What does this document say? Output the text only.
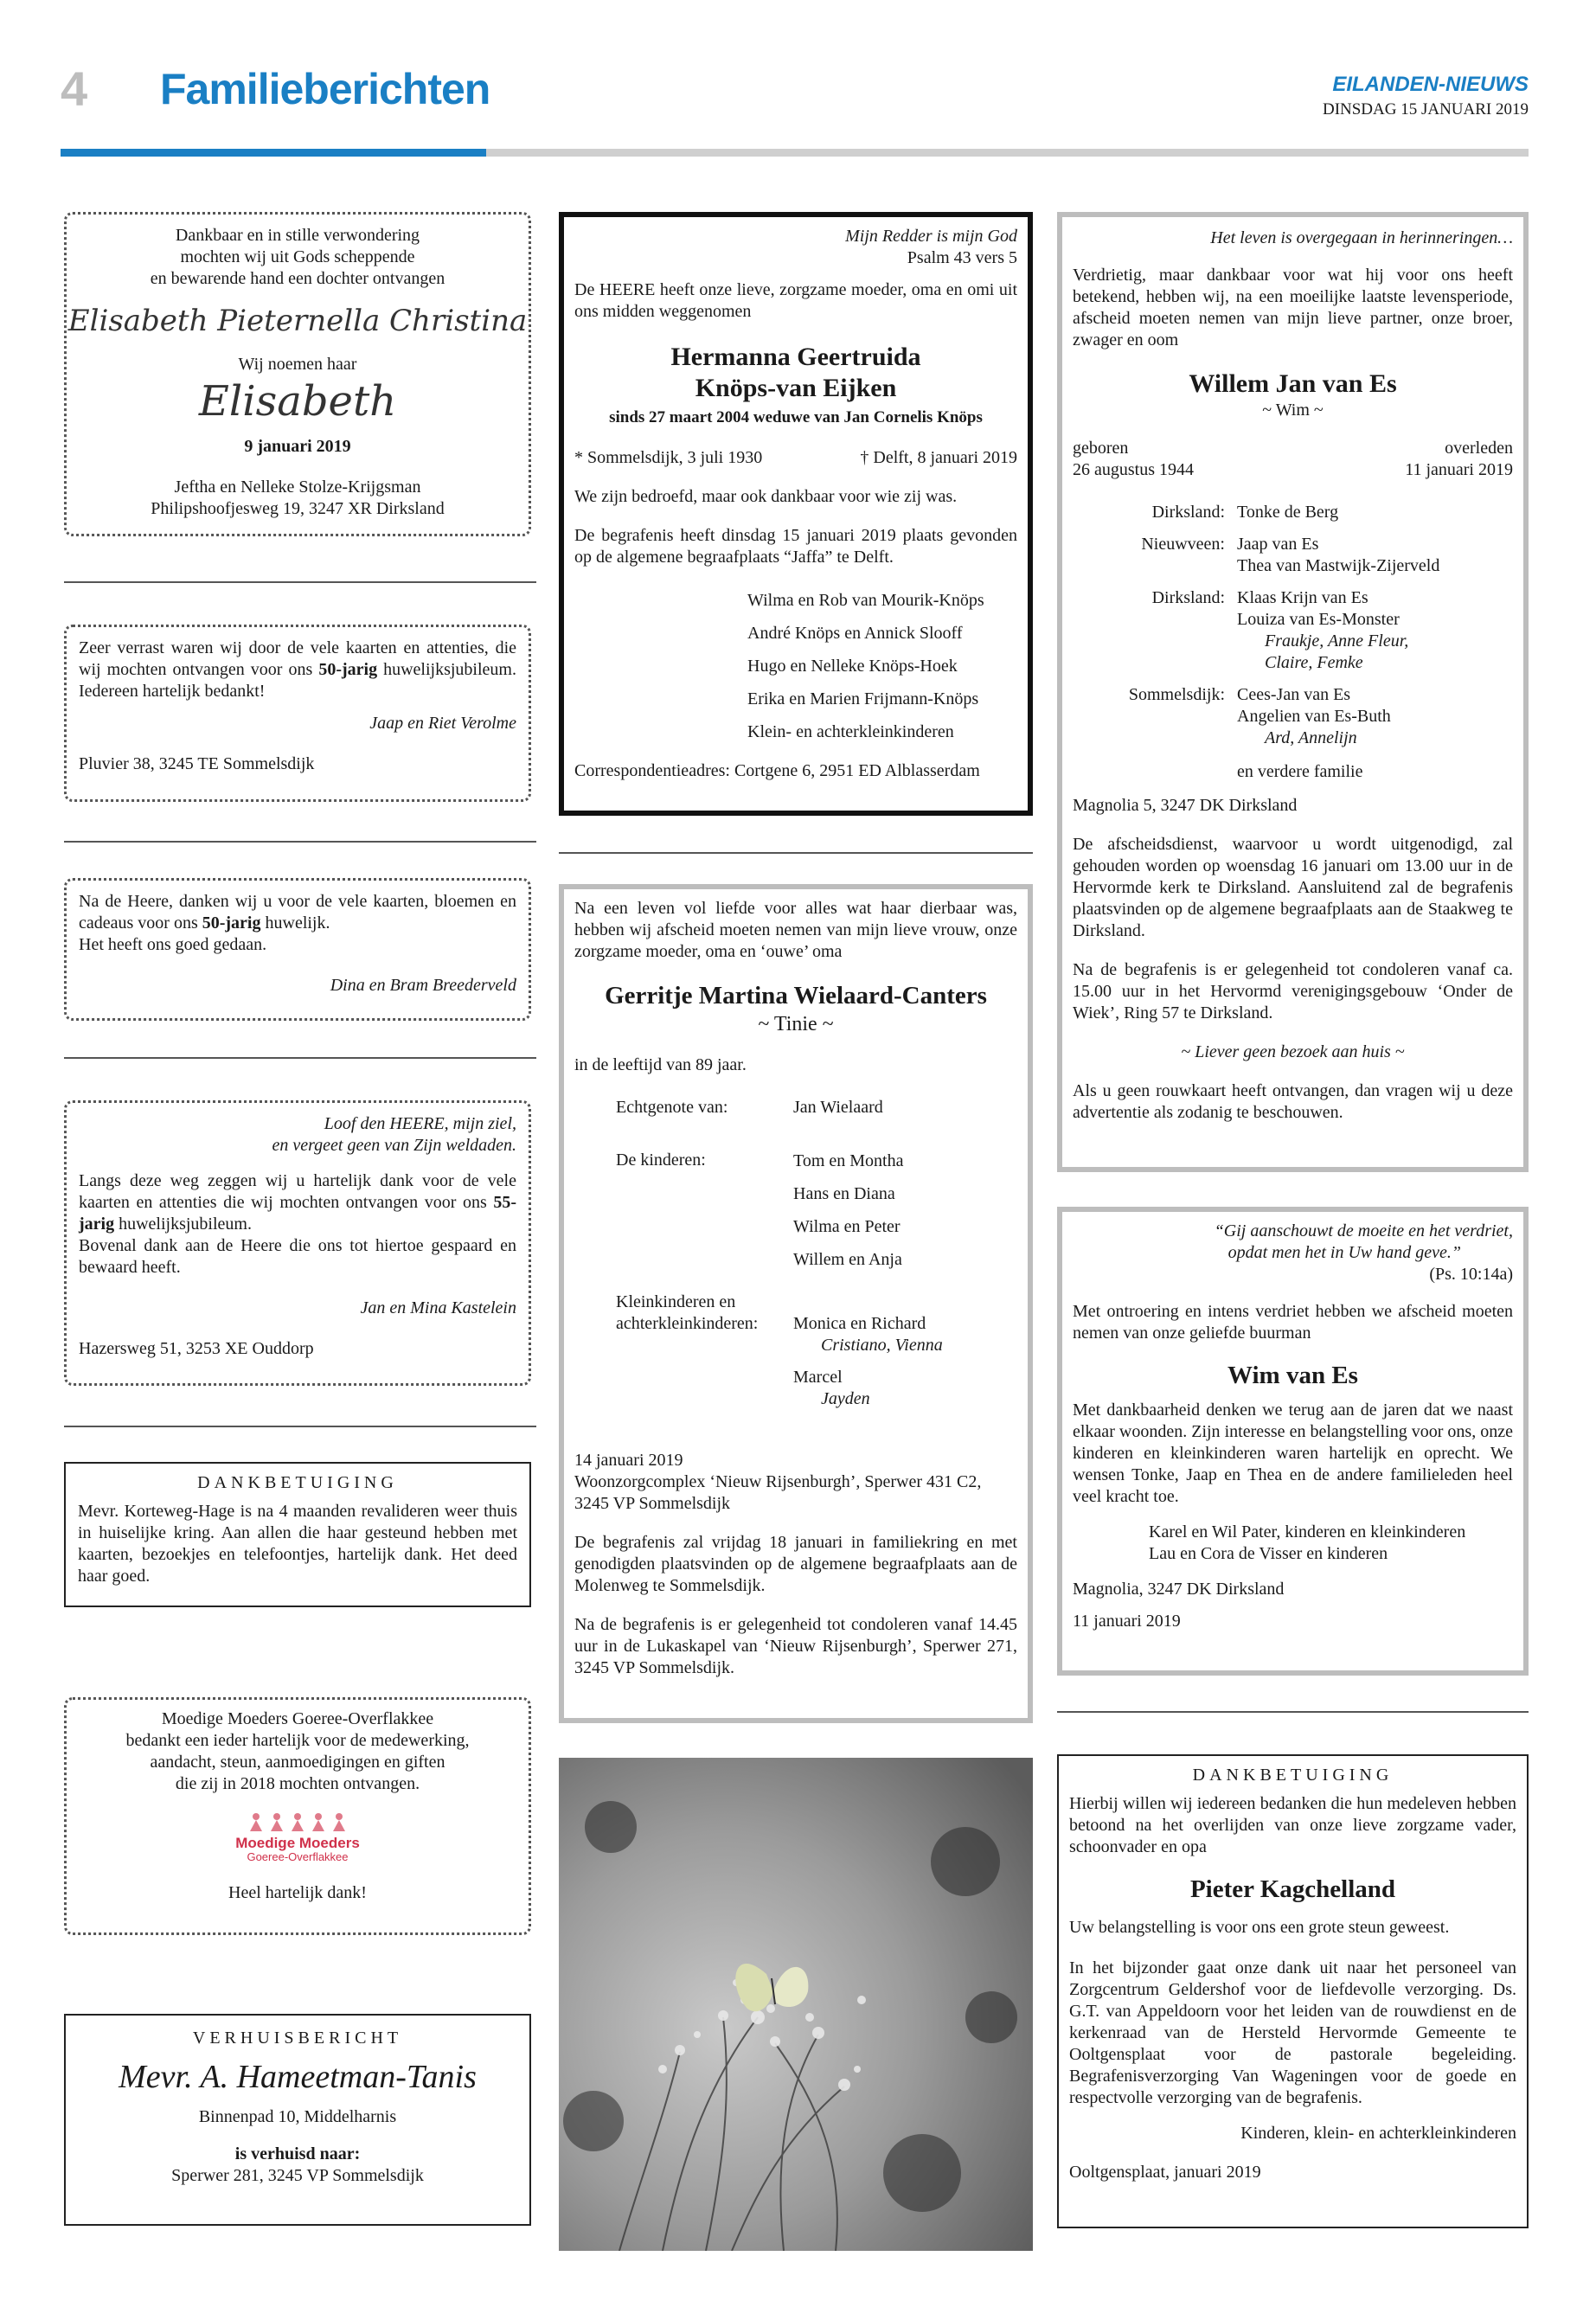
4 Familieberichten	EILANDEN-NIEUWS
DINSDAG 15 JANUARI 2019

Dankbaar en in stille verwondering

mochten wij uit Gods scheppende

en bewarende hand een dochter ontvangen

Elisabeth Pieternella Christina
Wij noemen haar
Elisabeth
9 januari 2019

Jeftha en Nelleke Stolze-Krijgsman

Philipshoofjesweg 19, 3247 XR Dirksland

Zeer verrast waren wij door de vele kaarten en attenties, die wij mochten ontvangen voor ons 50-jarig huwelijksjubileum. Iedereen hartelijk bedankt!

Jaap en Riet Verolme

Pluvier 38, 3245 TE Sommelsdijk

Na de Heere, danken wij u voor de vele kaarten, bloemen en cadeaus voor ons 50-jarig huwelijk.

Het heeft ons goed gedaan.

Dina en Bram Breederveld

Loof den HEERE, mijn ziel,

en vergeet geen van Zijn weldaden.

Langs deze weg zeggen wij u hartelijk dank voor de vele kaarten en attenties die wij mochten ontvangen voor ons 55-jarig huwelijksjubileum.

Bovenal dank aan de Heere die ons tot hiertoe gespaard en bewaard heeft.

Jan en Mina Kastelein

Hazersweg 51, 3253 XE Ouddorp

DANKBETUIGING

Mevr. Korteweg-Hage is na 4 maanden revalideren weer thuis in huiselijke kring. Aan allen die haar gesteund hebben met kaarten, bezoekjes en telefoontjes, hartelijk dank. Het deed haar goed.

Moedige Moeders Goeree-Overflakkee

bedankt een ieder hartelijk voor de medewerking,

aandacht, steun, aanmoedigingen en giften

die zij in 2018 mochten ontvangen.

Moedige Moeders
Goeree-Overflakkee

Heel hartelijk dank!

VERHUISBERICHT

Mevr. A. Hameetman-Tanis

Binnenpad 10, Middelharnis

is verhuisd naar:

Sperwer 281, 3245 VP Sommelsdijk

Mijn Redder is mijn God

Psalm 43 vers 5

De HEERE heeft onze lieve, zorgzame moeder, oma en omi uit ons midden weggenomen

Hermanna Geertruida

Knöps-van Eijken

sinds 27 maart 2004 weduwe van Jan Cornelis Knöps

* Sommelsdijk, 3 juli 1930	† Delft, 8 januari 2019

We zijn bedroefd, maar ook dankbaar voor wie zij was.

De begrafenis heeft dinsdag 15 januari 2019 plaats gevonden op de algemene begraafplaats “Jaffa” te Delft.

Wilma en Rob van Mourik-Knöps

André Knöps en Annick Slooff

Hugo en Nelleke Knöps-Hoek

Erika en Marien Frijmann-Knöps

Klein- en achterkleinkinderen

Correspondentieadres: Cortgene 6, 2951 ED Alblasserdam

Na een leven vol liefde voor alles wat haar dierbaar was, hebben wij afscheid moeten nemen van mijn lieve vrouw, onze zorgzame moeder, oma en ‘ouwe’ oma

Gerritje Martina Wielaard-Canters

~ Tinie ~

in de leeftijd van 89 jaar.

Echtgenote van:	Jan Wielaard
De kinderen:	Tom en Montha

Hans en Diana

Wilma en Peter

Willem en Anja

Kleinkinderen en

achterkleinkinderen:	Monica en Richard

Cristiano, Vienna

Marcel

Jayden

14 januari 2019

Woonzorgcomplex ‘Nieuw Rijsenburgh’, Sperwer 431 C2,

3245 VP Sommelsdijk

De begrafenis zal vrijdag 18 januari in familiekring en met genodigden plaatsvinden op de algemene begraafplaats aan de Molenweg te Sommelsdijk.

Na de begrafenis is er gelegenheid tot condoleren vanaf 14.45 uur in de Lukaskapel van ‘Nieuw Rijsenburgh’, Sperwer 271, 3245 VP Sommelsdijk.

Het leven is overgegaan in herinneringen…

Verdrietig, maar dankbaar voor wat hij voor ons heeft betekend, hebben wij, na een moeilijke laatste levensperiode, afscheid moeten nemen van mijn lieve partner, onze broer, zwager en oom

Willem Jan van Es

~ Wim ~

geboren

26 augustus 1944

overleden

11 januari 2019

Dirksland: Tonke de Berg

Nieuwveen: Jaap van Es

Thea van Mastwijk-Zijerveld

Dirksland: Klaas Krijn van Es

Louiza van Es-Monster

Fraukje, Anne Fleur, Claire, Femke

Sommelsdijk: Cees-Jan van Es

Angelien van Es-Buth

Ard, Annelijn

en verdere familie

Magnolia 5, 3247 DK Dirksland

De afscheidsdienst, waarvoor u wordt uitgenodigd, zal gehouden worden op woensdag 16 januari om 13.00 uur in de Hervormde kerk te Dirksland. Aansluitend zal de begrafenis plaatsvinden op de algemene begraafplaats aan de Staakweg te Dirksland.

Na de begrafenis is er gelegenheid tot condoleren vanaf ca. 15.00 uur in het Hervormd verenigingsgebouw ‘Onder de Wiek’, Ring 57 te Dirksland.

~ Liever geen bezoek aan huis ~

Als u geen rouwkaart heeft ontvangen, dan vragen wij u deze advertentie als zodanig te beschouwen.

“Gij aanschouwt de moeite en het verdriet,

opdat men het in Uw hand geve.”

(Ps. 10:14a)

Met ontroering en intens verdriet hebben we afscheid moeten nemen van onze geliefde buurman

Wim van Es

Met dankbaarheid denken we terug aan de jaren dat we naast elkaar woonden. Zijn interesse en belangstelling voor ons, onze kinderen en kleinkinderen waren hartelijk en oprecht. We wensen Tonke, Jaap en Thea en de andere familieleden heel veel kracht toe.

Karel en Wil Pater, kinderen en kleinkinderen

Lau en Cora de Visser en kinderen

Magnolia, 3247 DK Dirksland

11 januari 2019

DANKBETUIGING

Hierbij willen wij iedereen bedanken die hun medeleven hebben betoond na het overlijden van onze lieve zorgzame vader, schoonvader en opa

Pieter Kagchelland

Uw belangstelling is voor ons een grote steun geweest.

In het bijzonder gaat onze dank uit naar het personeel van Zorgcentrum Geldershof voor de liefdevolle verzorging. Ds. G.T. van Appeldoorn voor het leiden van de rouwdienst en de kerkenraad van de Hersteld Hervormde Gemeente te Ooltgensplaat voor de pastorale begeleiding. Begrafenisverzorging Van Wageningen voor de goede en respectvolle verzorging van de begrafenis.

Kinderen, klein- en achterkleinkinderen

Ooltgensplaat, januari 2019
